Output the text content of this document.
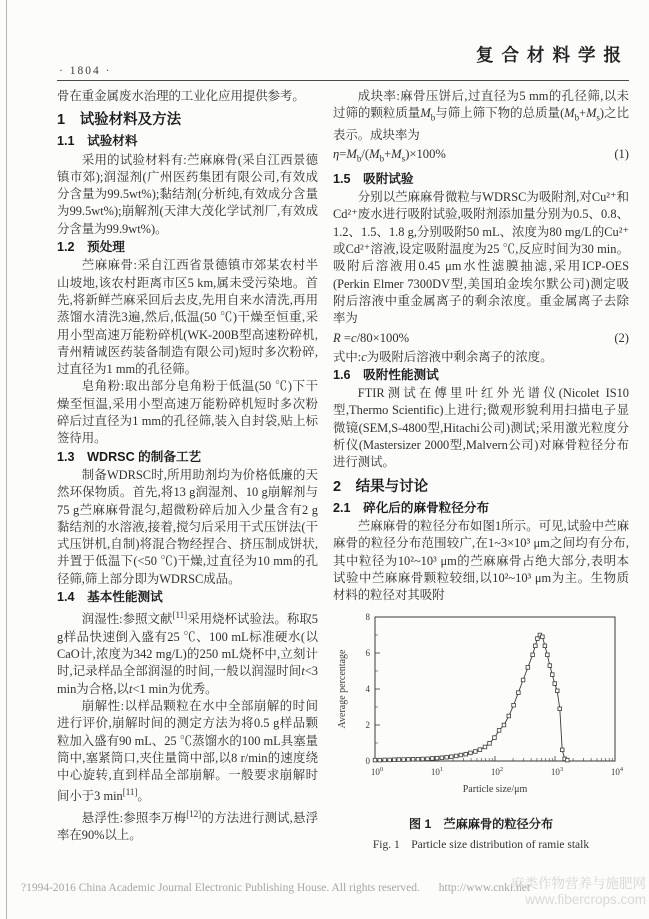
· 1804 ·
复合材料学报

骨在重金属废水治理的工业化应用提供参考。

1　试验材料及方法
1.1　试验材料

采用的试验材料有:苎麻麻骨(采自江西景德镇市郊);润湿剂(广州医药集团有限公司,有效成分含量为99.5wt%);黏结剂(分析纯,有效成分含量为99.5wt%);崩解剂(天津大茂化学试剂厂,有效成分含量为99.9wt%)。

1.2　预处理

苎麻麻骨:采自江西省景德镇市郊某农村半山坡地,该农村距离市区5 km,属未受污染地。首先,将新鲜苎麻采回后去皮,先用自来水清洗,再用蒸馏水清洗3遍,然后,低温(50 ℃)干燥至恒重,采用小型高速万能粉碎机(WK-200B型高速粉碎机,青州精诚医药装备制造有限公司)短时多次粉碎,过直径为1 mm的孔径筛。

皂角粉:取出部分皂角粉于低温(50 ℃)下干燥至恒温,采用小型高速万能粉碎机短时多次粉碎后过直径为1 mm的孔径筛,装入自封袋,贴上标签待用。

1.3　WDRSC 的制备工艺

制备WDRSC时,所用助剂均为价格低廉的天然环保物质。首先,将13 g润湿剂、10 g崩解剂与75 g苎麻麻骨混匀,超微粉碎后加入少量含有2 g黏结剂的水溶液,接着,搅匀后采用干式压饼法(干式压饼机,自制)将混合物经捏合、挤压制成饼状,并置于低温下(<50 ℃)干燥,过直径为10 mm的孔径筛,筛上部分即为WDRSC成品。

1.4　基本性能测试

润湿性:参照文献[11]采用烧杯试验法。称取5 g样品快速倒入盛有25 ℃、100 mL标准硬水(以CaO计,浓度为342 mg/L)的250 mL烧杯中,立刻计时,记录样品全部润湿的时间,一般以润湿时间t<3 min为合格,以t<1 min为优秀。

崩解性:以样品颗粒在水中全部崩解的时间进行评价,崩解时间的测定方法为将0.5 g样品颗粒加入盛有90 mL、25 ℃蒸馏水的100 mL具塞量筒中,塞紧筒口,夹住量筒中部,以8 r/min的速度绕中心旋转,直到样品全部崩解。一般要求崩解时间小于3 min[11]。

悬浮性:参照李万梅[12]的方法进行测试,悬浮率在90%以上。

成块率:麻骨压饼后,过直径为5 mm的孔径筛,以未过筛的颗粒质量$M_b$与筛上筛下物的总质量$(M_b+M_s)$之比表示。成块率为

$\eta=M_b/(M_b+M_s)\times 100\%$	(1)
1.5　吸附试验

分别以苎麻麻骨微粒与WDRSC为吸附剂,对Cu²⁺和Cd²⁺废水进行吸附试验,吸附剂添加量分别为0.5、0.8、1.2、1.5、1.8 g,分别吸附50 mL、浓度为80 mg/L的Cu²⁺或Cd²⁺溶液,设定吸附温度为25 ℃,反应时间为30 min。吸附后溶液用0.45 μm水性滤膜抽滤,采用ICP-OES (Perkin Elmer 7300DV型,美国珀金埃尔默公司)测定吸附后溶液中重金属离子的剩余浓度。重金属离子去除率为

R =c/80×100%	(2)

式中:c为吸附后溶液中剩余离子的浓度。

1.6　吸附性能测试

FTIR测试在傅里叶红外光谱仪(Nicolet IS10型,Thermo Scientific)上进行;微观形貌利用扫描电子显微镜(SEM,S-4800型,Hitachi公司)测试;采用激光粒度分析仪(Mastersizer 2000型,Malvern公司)对麻骨粒径分布进行测试。

2　结果与讨论
2.1　碎化后的麻骨粒径分布

苎麻麻骨的粒径分布如图1所示。可见,试验中苎麻麻骨的粒径分布范围较广,在1~3×10³ μm之间均有分布,其中粒径为10²~10³ μm的苎麻麻骨占绝大部分,表明本试验中苎麻麻骨颗粒较细,以10²~10³ μm为主。生物质材料的粒径对其吸附

0
2
4
6
8
$10^0$	$10^1$	$10^2$	$10^3$	$10^4$
Particle size/μm
Average percentage
图 1　苎麻麻骨的粒径分布
Fig. 1　Particle size distribution of ramie stalk
?1994-2016 China Academic Journal Electronic Publishing House. All rights reserved. http://www.cnki.net
麻类作物营养与施肥网
www.fibercrops.com
